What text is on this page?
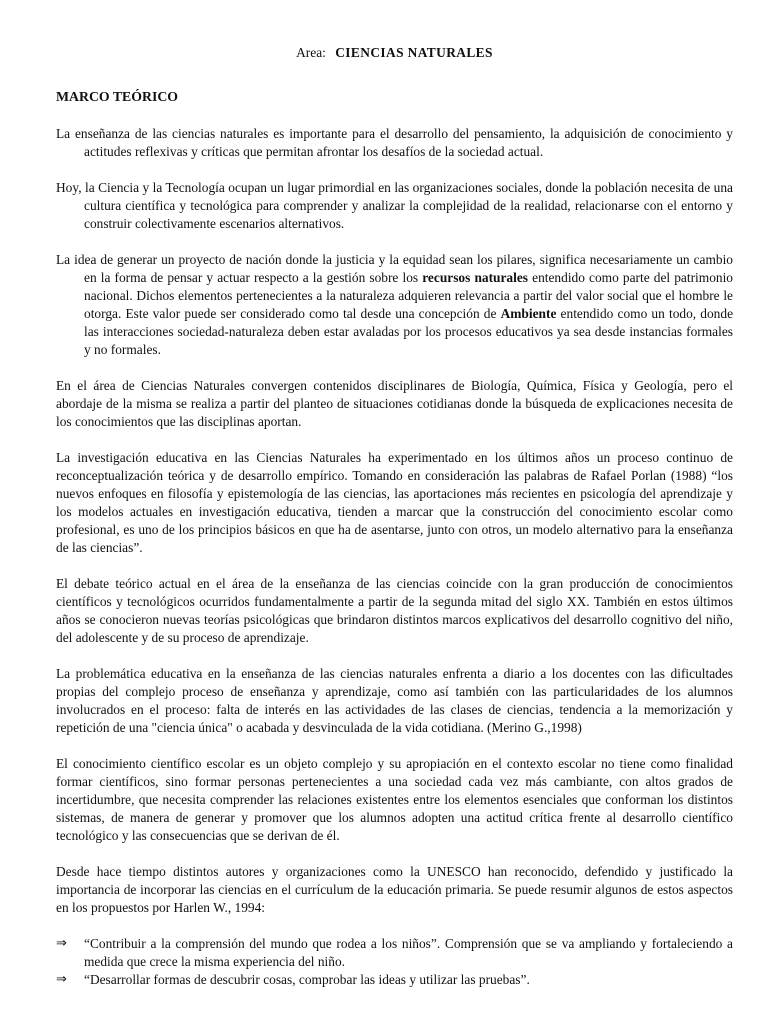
Area: CIENCIAS NATURALES
MARCO TEÓRICO

La enseñanza de las ciencias naturales es importante para el desarrollo del pensamiento, la adquisición de conocimiento y actitudes reflexivas y críticas que permitan afrontar los desafíos de la sociedad actual.

Hoy, la Ciencia y la Tecnología ocupan un lugar primordial en las organizaciones sociales, donde la población necesita de una cultura científica y tecnológica para comprender y analizar la complejidad de la realidad, relacionarse con el entorno y construir colectivamente escenarios alternativos.

La idea de generar un proyecto de nación donde la justicia y la equidad sean los pilares, significa necesariamente un cambio en la forma de pensar y actuar respecto a la gestión sobre los recursos naturales entendido como parte del patrimonio nacional. Dichos elementos pertenecientes a la naturaleza adquieren relevancia a partir del valor social que el hombre le otorga. Este valor puede ser considerado como tal desde una concepción de Ambiente entendido como un todo, donde las interacciones sociedad-naturaleza deben estar avaladas por los procesos educativos ya sea desde instancias formales y no formales.

En el área de Ciencias Naturales convergen contenidos disciplinares de Biología, Química, Física y Geología, pero el abordaje de la misma se realiza a partir del planteo de situaciones cotidianas donde la búsqueda de explicaciones necesita de los conocimientos que las disciplinas aportan.

La investigación educativa en las Ciencias Naturales ha experimentado en los últimos años un proceso continuo de reconceptualización teórica y de desarrollo empírico. Tomando en consideración las palabras de Rafael Porlan (1988) “los nuevos enfoques en filosofía y epistemología de las ciencias, las aportaciones más recientes en psicología del aprendizaje y los modelos actuales en investigación educativa, tienden a marcar que la construcción del conocimiento escolar como profesional, es uno de los principios básicos en que ha de asentarse, junto con otros, un modelo alternativo para la enseñanza de las ciencias”.

El debate teórico actual en el área de la enseñanza de las ciencias coincide con la gran producción de conocimientos científicos y tecnológicos ocurridos fundamentalmente a partir de la segunda mitad del siglo XX. También en estos últimos años se conocieron nuevas teorías psicológicas que brindaron distintos marcos explicativos del desarrollo cognitivo del niño, del adolescente y de su proceso de aprendizaje.

La problemática educativa en la enseñanza de las ciencias naturales enfrenta a diario a los docentes con las dificultades propias del complejo proceso de enseñanza y aprendizaje, como así también con las particularidades de los alumnos involucrados en el proceso: falta de interés en las actividades de las clases de ciencias, tendencia a la memorización y repetición de una "ciencia única" o acabada y desvinculada de la vida cotidiana. (Merino G.,1998)

El conocimiento científico escolar es un objeto complejo y su apropiación en el contexto escolar no tiene como finalidad formar científicos, sino formar personas pertenecientes a una sociedad cada vez más cambiante, con altos grados de incertidumbre, que necesita comprender las relaciones existentes entre los elementos esenciales que conforman los distintos sistemas, de manera de generar y promover que los alumnos adopten una actitud crítica frente al desarrollo científico tecnológico y las consecuencias que se derivan de él.

Desde hace tiempo distintos autores y organizaciones como la UNESCO han reconocido, defendido y justificado la importancia de incorporar las ciencias en el currículum de la educación primaria. Se puede resumir algunos de estos aspectos en los propuestos por Harlen W., 1994:

⇒ “Contribuir a la comprensión del mundo que rodea a los niños”. Comprensión que se va ampliando y fortaleciendo a medida que crece la misma experiencia del niño.
⇒ “Desarrollar formas de descubrir cosas, comprobar las ideas y utilizar las pruebas”.
